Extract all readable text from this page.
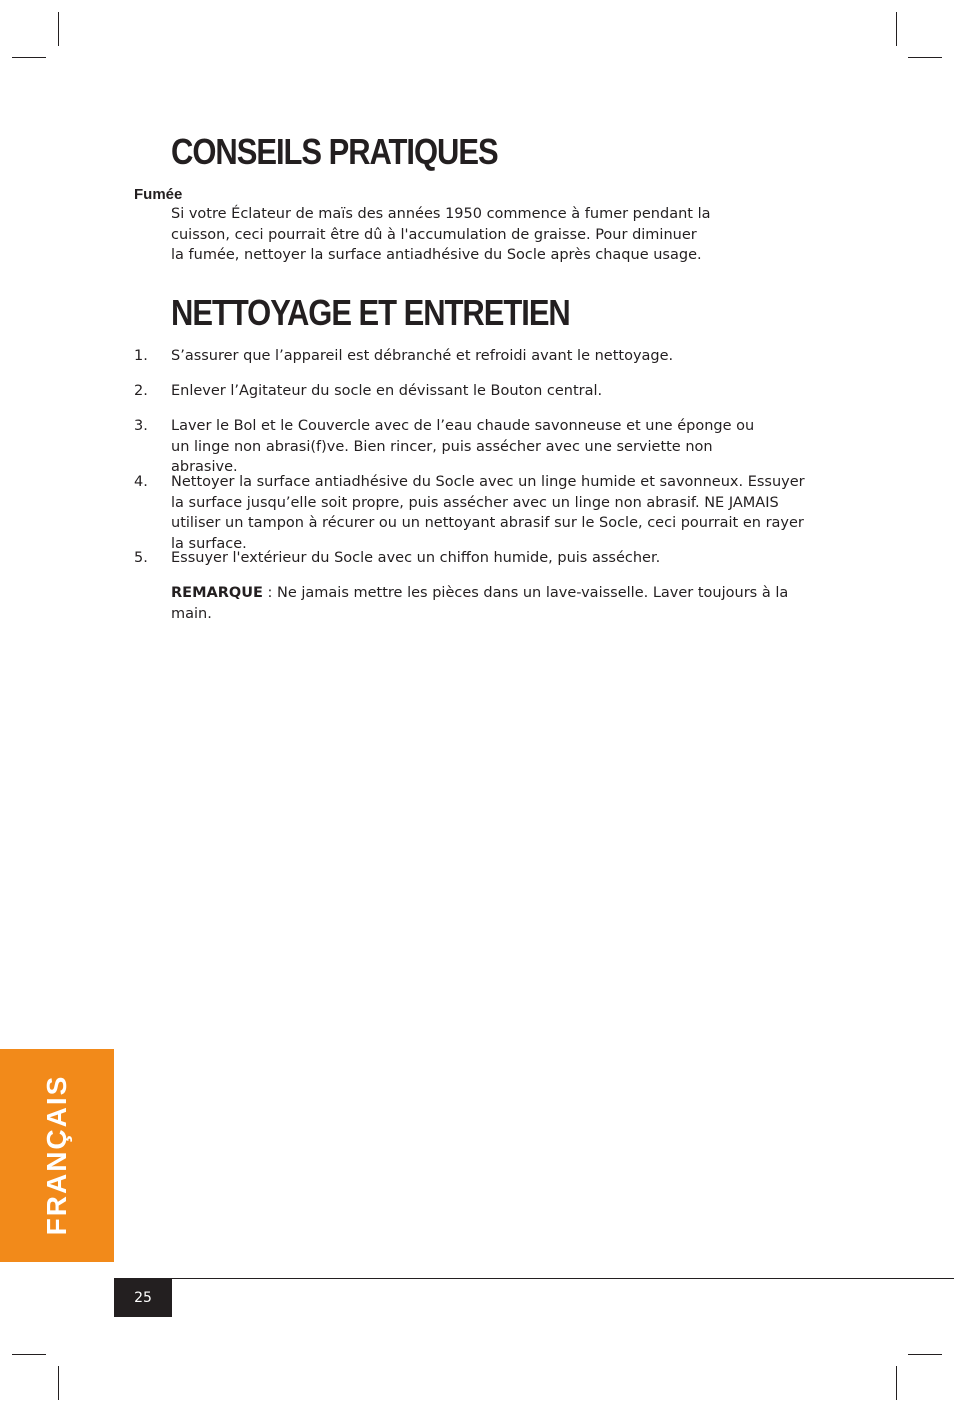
CONSEILS PRATIQUES
Fumée

Si votre Éclateur de maïs des années 1950 commence à fumer pendant la cuisson, ceci pourrait être dû à l'accumulation de graisse. Pour diminuer la fumée, nettoyer la surface antiadhésive du Socle après chaque usage.

NETTOYAGE ET ENTRETIEN
1. S’assurer que l’appareil est débranché et refroidi avant le nettoyage.

2. Enlever l’Agitateur du socle en dévissant le Bouton central.

3. Laver le Bol et le Couvercle avec de l’eau chaude savonneuse et une éponge ou un linge non abrasi(f)ve. Bien rincer, puis assécher avec une serviette non abrasive.

4. Nettoyer la surface antiadhésive du Socle avec un linge humide et savonneux. Essuyer la surface jusqu’elle soit propre, puis assécher avec un linge non abrasif. NE JAMAIS utiliser un tampon à récurer ou un nettoyant abrasif sur le Socle, ceci pourrait en rayer la surface.

5. Essuyer l'extérieur du Socle avec un chiffon humide, puis assécher.

REMARQUE : Ne jamais mettre les pièces dans un lave-vaisselle. Laver toujours à la main.

FRANÇAIS
25
